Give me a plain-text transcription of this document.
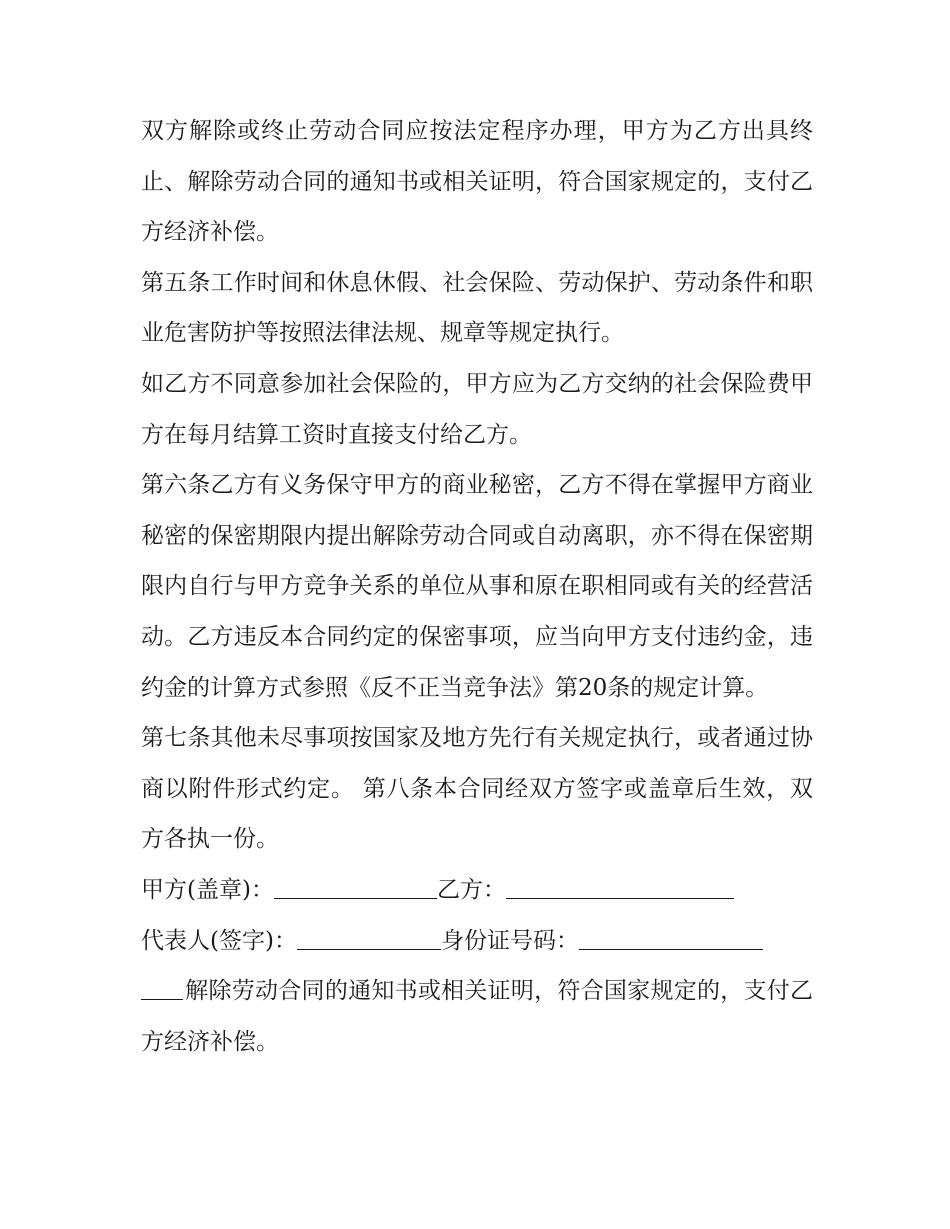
双方解除或终止劳动合同应按法定程序办理，甲方为乙方出具终止、解除劳动合同的通知书或相关证明，符合国家规定的，支付乙方经济补偿。

第五条工作时间和休息休假、社会保险、劳动保护、劳动条件和职业危害防护等按照法律法规、规章等规定执行。

如乙方不同意参加社会保险的，甲方应为乙方交纳的社会保险费甲方在每月结算工资时直接支付给乙方。

第六条乙方有义务保守甲方的商业秘密，乙方不得在掌握甲方商业秘密的保密期限内提出解除劳动合同或自动离职，亦不得在保密期限内自行与甲方竞争关系的单位从事和原在职相同或有关的经营活动。乙方违反本合同约定的保密事项，应当向甲方支付违约金，违约金的计算方式参照《反不正当竞争法》第20条的规定计算。

第七条其他未尽事项按国家及地方先行有关规定执行，或者通过协商以附件形式约定。 第八条本合同经双方签字或盖章后生效，双方各执一份。

甲方(盖章)：	乙方：
代表人(签字)：	身份证号码：

解除劳动合同的通知书或相关证明，符合国家规定的，支付乙方经济补偿。
